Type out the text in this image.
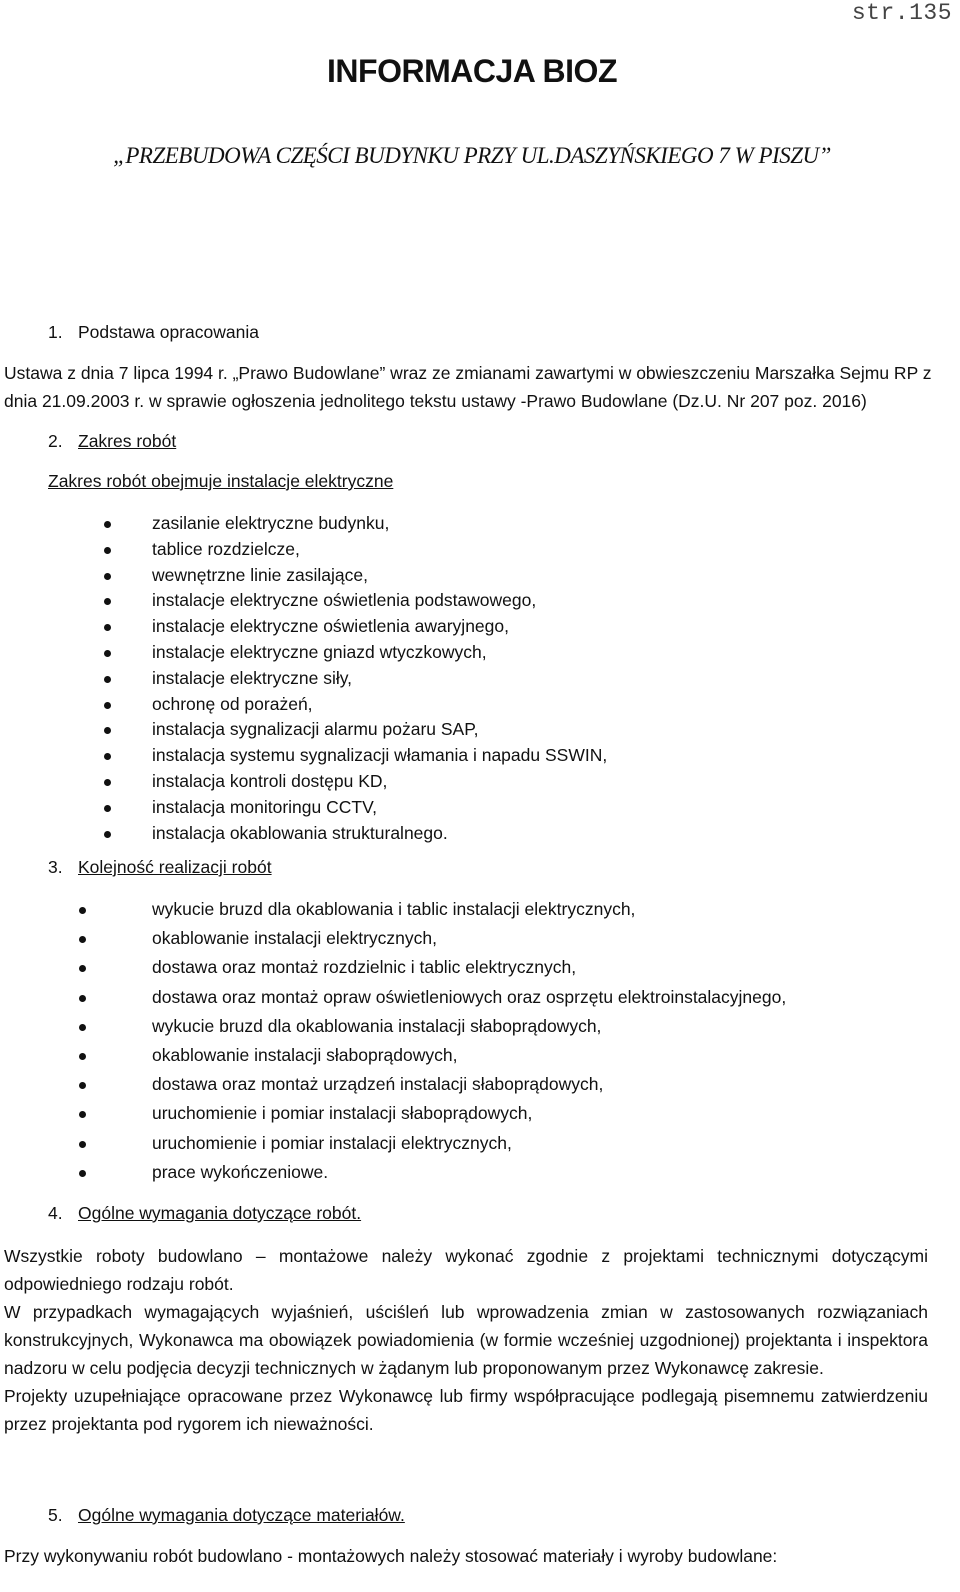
str.135
INFORMACJA BIOZ
„PRZEBUDOWA CZĘŚCI BUDYNKU PRZY UL.DASZYŃSKIEGO 7 W PISZU”
1. Podstawa opracowania
Ustawa z dnia 7 lipca 1994 r. „Prawo Budowlane” wraz ze zmianami zawartymi w obwieszczeniu Marszałka Sejmu RP z
dnia 21.09.2003 r. w sprawie ogłoszenia jednolitego tekstu ustawy -Prawo Budowlane (Dz.U. Nr 207 poz. 2016)
2. Zakres robót
Zakres robót obejmuje instalacje elektryczne
zasilanie elektryczne budynku,
tablice rozdzielcze,
wewnętrzne linie zasilające,
instalacje elektryczne oświetlenia podstawowego,
instalacje elektryczne oświetlenia awaryjnego,
instalacje elektryczne gniazd wtyczkowych,
instalacje elektryczne siły,
ochronę od porażeń,
instalacja sygnalizacji alarmu pożaru SAP,
instalacja systemu sygnalizacji włamania i napadu SSWIN,
instalacja kontroli dostępu KD,
instalacja monitoringu CCTV,
instalacja okablowania strukturalnego.
3. Kolejność realizacji robót
wykucie bruzd dla okablowania i tablic instalacji elektrycznych,
okablowanie instalacji elektrycznych,
dostawa oraz montaż rozdzielnic i tablic elektrycznych,
dostawa oraz montaż opraw oświetleniowych oraz osprzętu elektroinstalacyjnego,
wykucie bruzd dla okablowania instalacji słaboprądowych,
okablowanie instalacji słaboprądowych,
dostawa oraz montaż urządzeń instalacji słaboprądowych,
uruchomienie i pomiar instalacji słaboprądowych,
uruchomienie i pomiar instalacji elektrycznych,
prace wykończeniowe.
4. Ogólne wymagania dotyczące robót.
Wszystkie roboty budowlano – montażowe należy wykonać zgodnie z projektami technicznymi dotyczącymi odpowiedniego rodzaju robót.
W przypadkach wymagających wyjaśnień, uściśleń lub wprowadzenia zmian w zastosowanych rozwiązaniach konstrukcyjnych, Wykonawca ma obowiązek powiadomienia (w formie wcześniej uzgodnionej) projektanta i inspektora nadzoru w celu podjęcia decyzji technicznych w żądanym lub proponowanym przez Wykonawcę zakresie.
Projekty uzupełniające opracowane przez Wykonawcę lub firmy współpracujące podlegają pisemnemu zatwierdzeniu przez projektanta pod rygorem ich nieważności.
5. Ogólne wymagania dotyczące materiałów.
Przy wykonywaniu robót budowlano - montażowych należy stosować materiały i wyroby budowlane:
